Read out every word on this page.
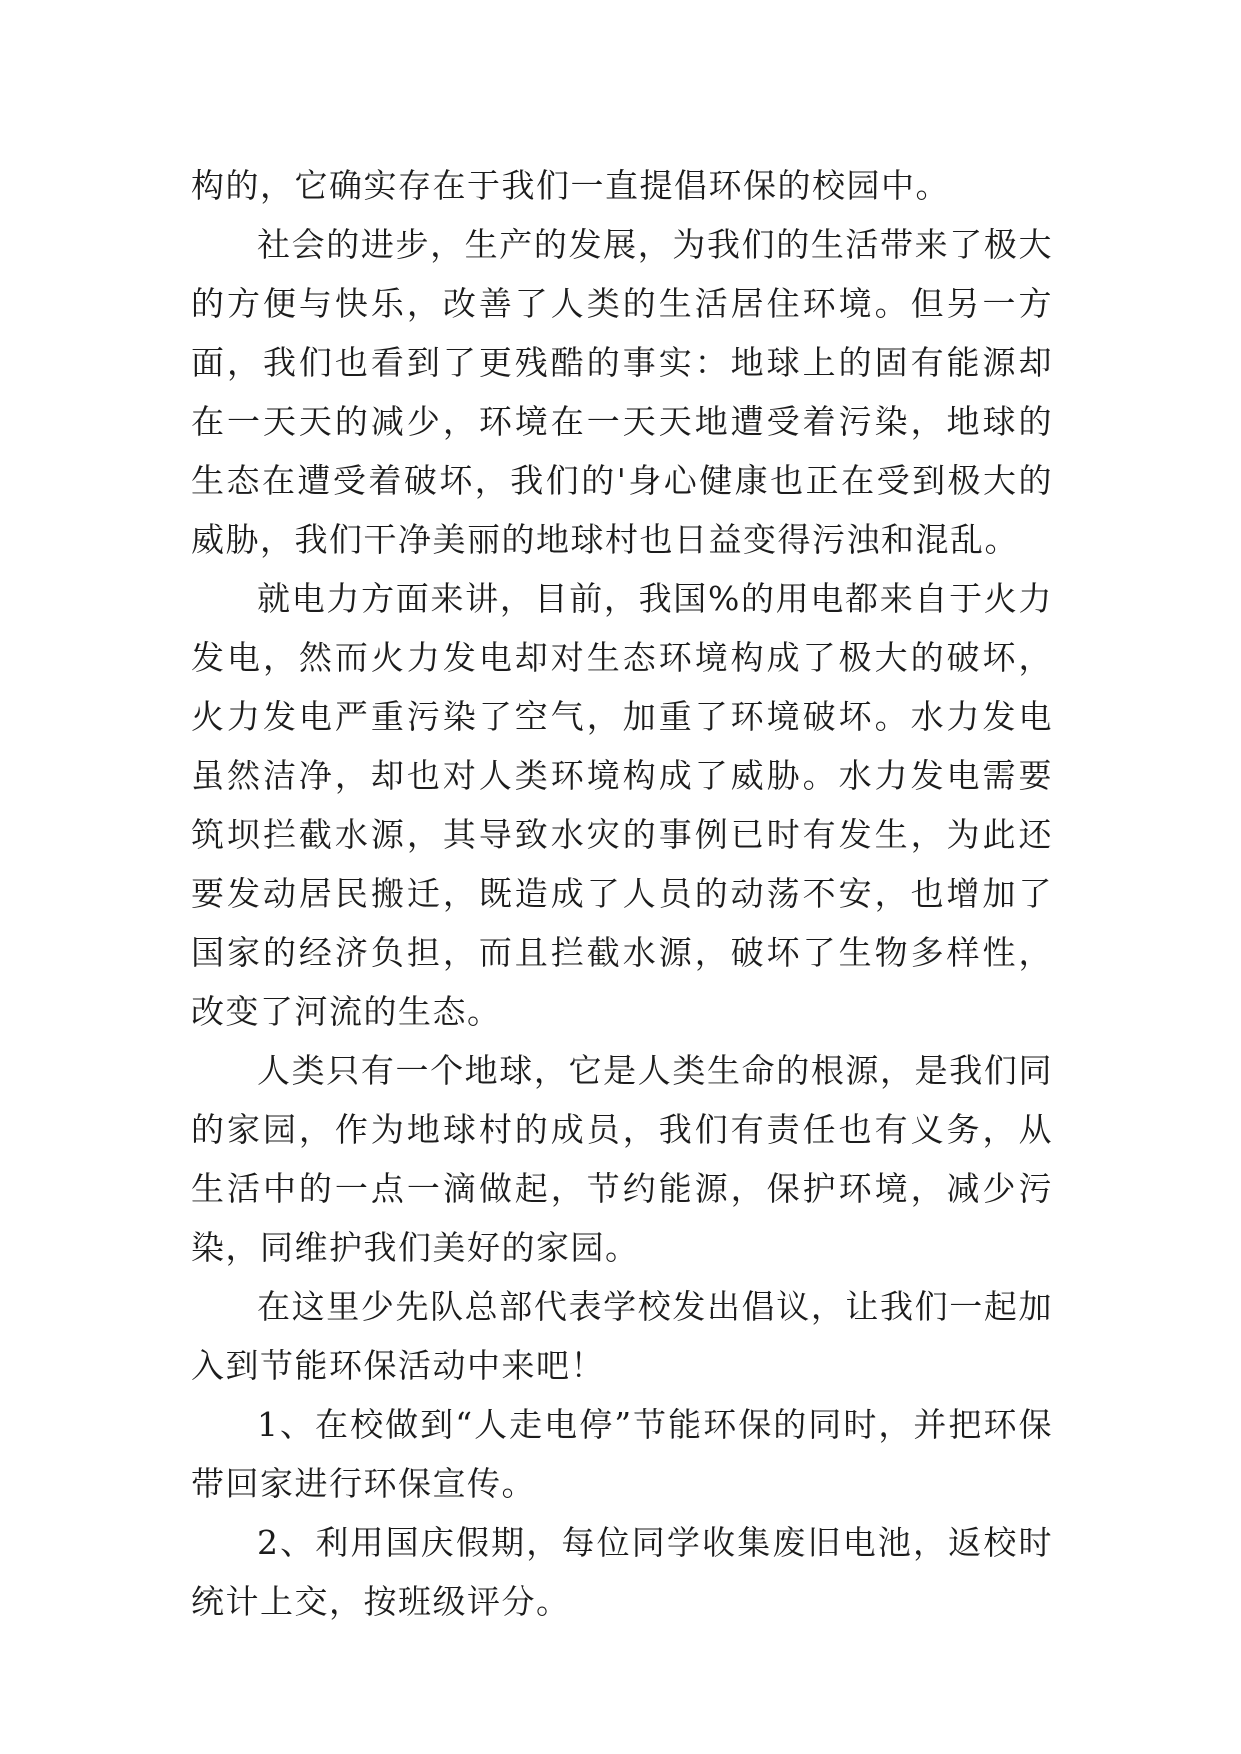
构的，它确实存在于我们一直提倡环保的校园中。

社会的进步，生产的发展，为我们的生活带来了极大的方便与快乐，改善了人类的生活居住环境。但另一方面，我们也看到了更残酷的事实：地球上的固有能源却在一天天的减少，环境在一天天地遭受着污染，地球的生态在遭受着破坏，我们的'身心健康也正在受到极大的威胁，我们干净美丽的地球村也日益变得污浊和混乱。

就电力方面来讲，目前，我国%的用电都来自于火力发电，然而火力发电却对生态环境构成了极大的破坏，火力发电严重污染了空气，加重了环境破坏。水力发电虽然洁净，却也对人类环境构成了威胁。水力发电需要筑坝拦截水源，其导致水灾的事例已时有发生，为此还要发动居民搬迁，既造成了人员的动荡不安，也增加了国家的经济负担，而且拦截水源，破坏了生物多样性，改变了河流的生态。

人类只有一个地球，它是人类生命的根源，是我们同的家园，作为地球村的成员，我们有责任也有义务，从生活中的一点一滴做起，节约能源，保护环境，减少污染，同维护我们美好的家园。

在这里少先队总部代表学校发出倡议，让我们一起加入到节能环保活动中来吧！

1、在校做到“人走电停”节能环保的同时，并把环保带回家进行环保宣传。

2、利用国庆假期，每位同学收集废旧电池，返校时统计上交，按班级评分。
